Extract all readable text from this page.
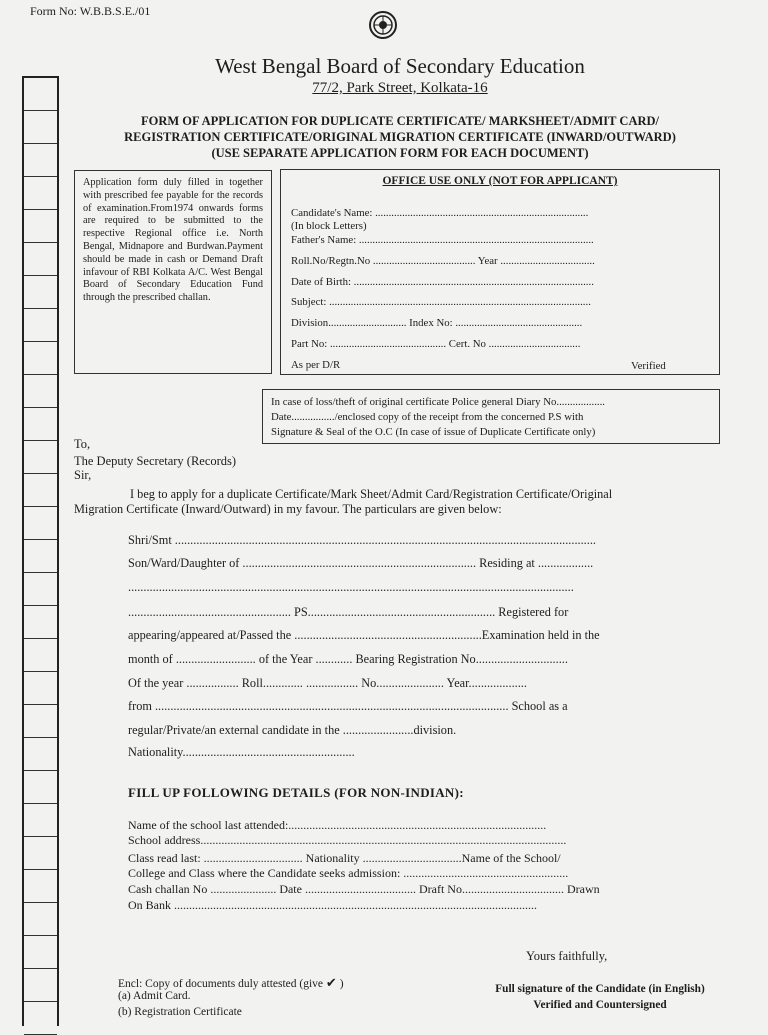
Form No: W.B.B.S.E./01
West Bengal Board of Secondary Education
77/2, Park Street, Kolkata-16
FORM OF APPLICATION FOR DUPLICATE CERTIFICATE/ MARKSHEET/ADMIT CARD/
REGISTRATION CERTIFICATE/ORIGINAL MIGRATION CERTIFICATE (INWARD/OUTWARD)
(USE SEPARATE APPLICATION FORM FOR EACH DOCUMENT)
Application form duly filled in together with prescribed fee payable for the records of examination.From1974 onwards forms are required to be submitted to the respective Regional office i.e. North Bengal, Midnapore and Burdwan.Payment should be made in cash or Demand Draft infavour of RBI Kolkata A/C. West Bengal Board of Secondary Education Fund through the prescribed challan.
OFFICE USE ONLY (NOT FOR APPLICANT)
Candidate's Name: ...............................................................................
(In block Letters)
Father's Name: .......................................................................................
Roll.No/Regtn.No ...................................... Year ...................................
Date of Birth: .........................................................................................
Subject: .................................................................................................
Division............................. Index No: ...............................................
Part No: ........................................... Cert. No ..................................
As per D/R	Verified
In case of loss/theft of original certificate Police general Diary No..................
Date................/enclosed copy of the receipt from the concerned P.S with
Signature & Seal of the O.C (In case of issue of Duplicate Certificate only)
To,
The Deputy Secretary (Records)
Sir,
I beg to apply for a duplicate Certificate/Mark Sheet/Admit Card/Registration Certificate/Original
Migration Certificate (Inward/Outward) in my favour. The particulars are given below:
Shri/Smt .........................................................................................................................................
Son/Ward/Daughter of ............................................................................ Residing at ..................
.................................................................................................................................................
..................................................... PS............................................................. Registered for
appearing/appeared at/Passed the .............................................................Examination held in the
month of .......................... of the Year ............ Bearing Registration No..............................
Of the year ................. Roll............. ................. No...................... Year...................
from ................................................................................................................... School as a
regular/Private/an external candidate in the .......................division.
Nationality........................................................
FILL UP FOLLOWING DETAILS (FOR NON-INDIAN):
Name of the school last attended:......................................................................................
School address..........................................................................................................................
Class read last: ................................. Nationality .................................Name of the School/
College and Class where the Candidate seeks admission: .......................................................
Cash challan No ...................... Date ..................................... Draft No.................................. Drawn
On Bank .........................................................................................................................
Yours faithfully,
Full signature of the Candidate (in English)
Verified and Countersigned
Encl: Copy of documents duly attested (give ✔ )
(a) Admit Card.
(b) Registration Certificate
